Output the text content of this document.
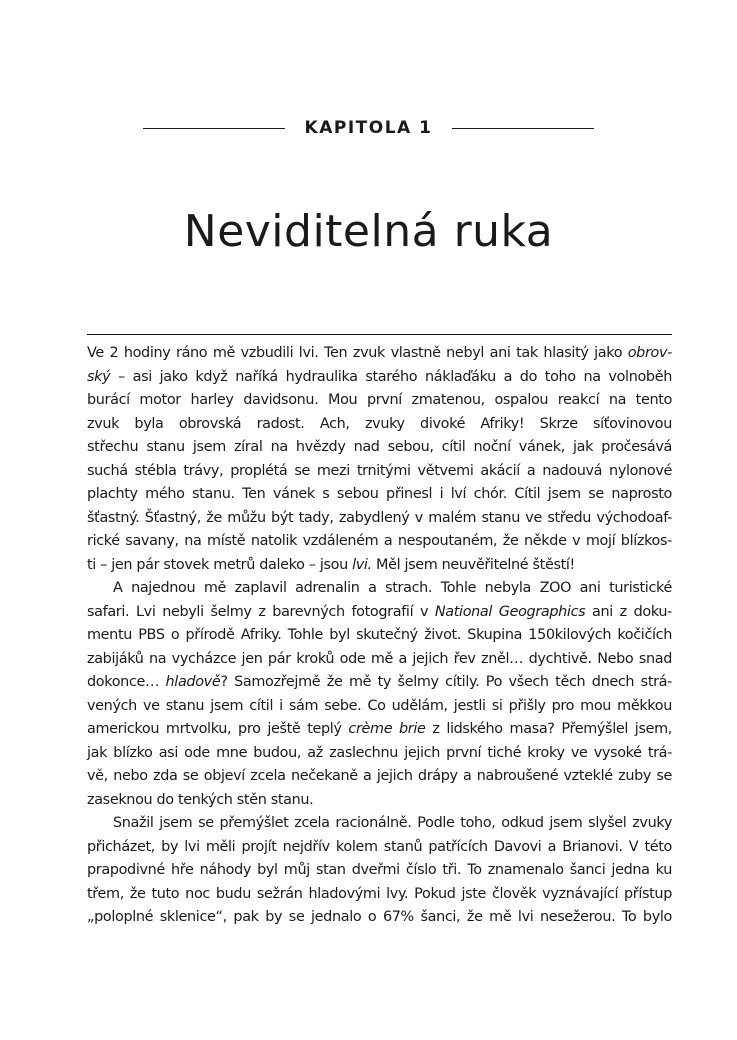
KAPITOLA 1
Neviditelná ruka
Ve 2 hodiny ráno mě vzbudili lvi. Ten zvuk vlastně nebyl ani tak hlasitý jako obrov-
ský – asi jako když naříká hydraulika starého náklaďáku a do toho na volnoběh
burácí motor harley davidsonu. Mou první zmatenou, ospalou reakcí na tento
zvuk byla obrovská radost. Ach, zvuky divoké Afriky! Skrze síťovinovou
střechu stanu jsem zíral na hvězdy nad sebou, cítil noční vánek, jak pročesává
suchá stébla trávy, proplétá se mezi trnitými větvemi akácií a nadouvá nylonové
plachty mého stanu. Ten vánek s sebou přinesl i lví chór. Cítil jsem se naprosto
šťastný. Šťastný, že můžu být tady, zabydlený v malém stanu ve středu východoaf-
rické savany, na místě natolik vzdáleném a nespoutaném, že někde v mojí blízkos-
ti – jen pár stovek metrů daleko – jsou lvi. Měl jsem neuvěřitelné štěstí!
A najednou mě zaplavil adrenalin a strach. Tohle nebyla ZOO ani turistické
safari. Lvi nebyli šelmy z barevných fotografií v National Geographics ani z doku-
mentu PBS o přírodě Afriky. Tohle byl skutečný život. Skupina 150kilových kočičích
zabijáků na vycházce jen pár kroků ode mě a jejich řev zněl… dychtivě. Nebo snad
dokonce… hladově? Samozřejmě že mě ty šelmy cítily. Po všech těch dnech strá-
vených ve stanu jsem cítil i sám sebe. Co udělám, jestli si přišly pro mou měkkou
americkou mrtvolku, pro ještě teplý crème brie z lidského masa? Přemýšlel jsem,
jak blízko asi ode mne budou, až zaslechnu jejich první tiché kroky ve vysoké trá-
vě, nebo zda se objeví zcela nečekaně a jejich drápy a nabroušené vzteklé zuby se
zaseknou do tenkých stěn stanu.
Snažil jsem se přemýšlet zcela racionálně. Podle toho, odkud jsem slyšel zvuky
přicházet, by lvi měli projít nejdřív kolem stanů patřících Davovi a Brianovi. V této
prapodivné hře náhody byl můj stan dveřmi číslo tři. To znamenalo šanci jedna ku
třem, že tuto noc budu sežrán hladovými lvy. Pokud jste člověk vyznávající přístup
„poloplné sklenice“, pak by se jednalo o 67% šanci, že mě lvi nesežerou. To bylo
